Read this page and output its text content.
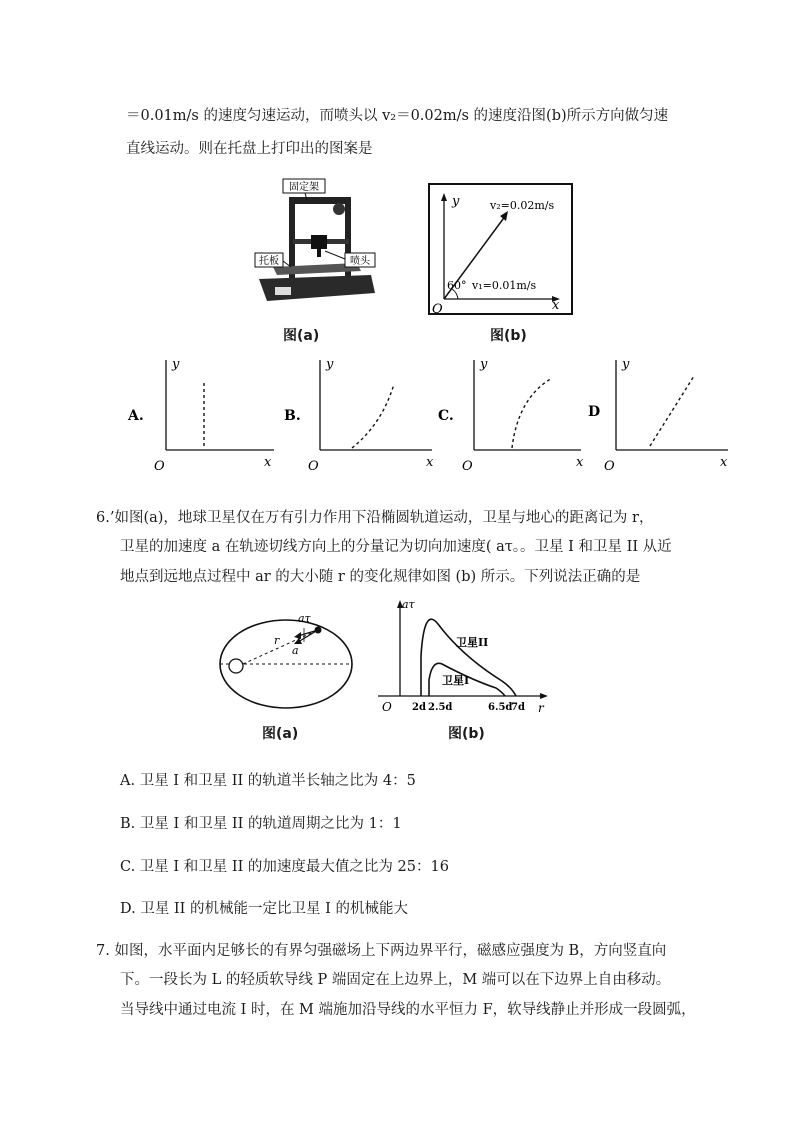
＝0.01m/s 的速度匀速运动，而喷头以 v₂＝0.02m/s 的速度沿图(b)所示方向做匀速
直线运动。则在托盘上打印出的图案是
固定架
托板	喷头
图(a)
y
x
O
v₂=0.02m/s
v₁=0.01m/s
60°
图(b)
A.
y
x
O
B.
y
x
O
C.
y
x
O
D
y
x
O
6.’如图(a)，地球卫星仅在万有引力作用下沿椭圆轨道运动，卫星与地心的距离记为 r，
卫星的加速度 a 在轨迹切线方向上的分量记为切向加速度( aτ。。卫星 I 和卫星 II 从近
地点到远地点过程中 ar 的大小随 r 的变化规律如图 (b) 所示。下列说法正确的是
aτ
r
a
图(a)
aτ
r
O
卫星II
卫星I
2d 2.5d	6.5d
7d
图(b)
A. 卫星 I 和卫星 II 的轨道半长轴之比为 4：5
B. 卫星 I 和卫星 II 的轨道周期之比为 1：1
C. 卫星 I 和卫星 II 的加速度最大值之比为 25：16
D. 卫星 II 的机械能一定比卫星 I 的机械能大
7. 如图，水平面内足够长的有界匀强磁场上下两边界平行，磁感应强度为 B，方向竖直向
下。一段长为 L 的轻质软导线 P 端固定在上边界上，M 端可以在下边界上自由移动。
当导线中通过电流 I 时，在 M 端施加沿导线的水平恒力 F，软导线静止并形成一段圆弧，
